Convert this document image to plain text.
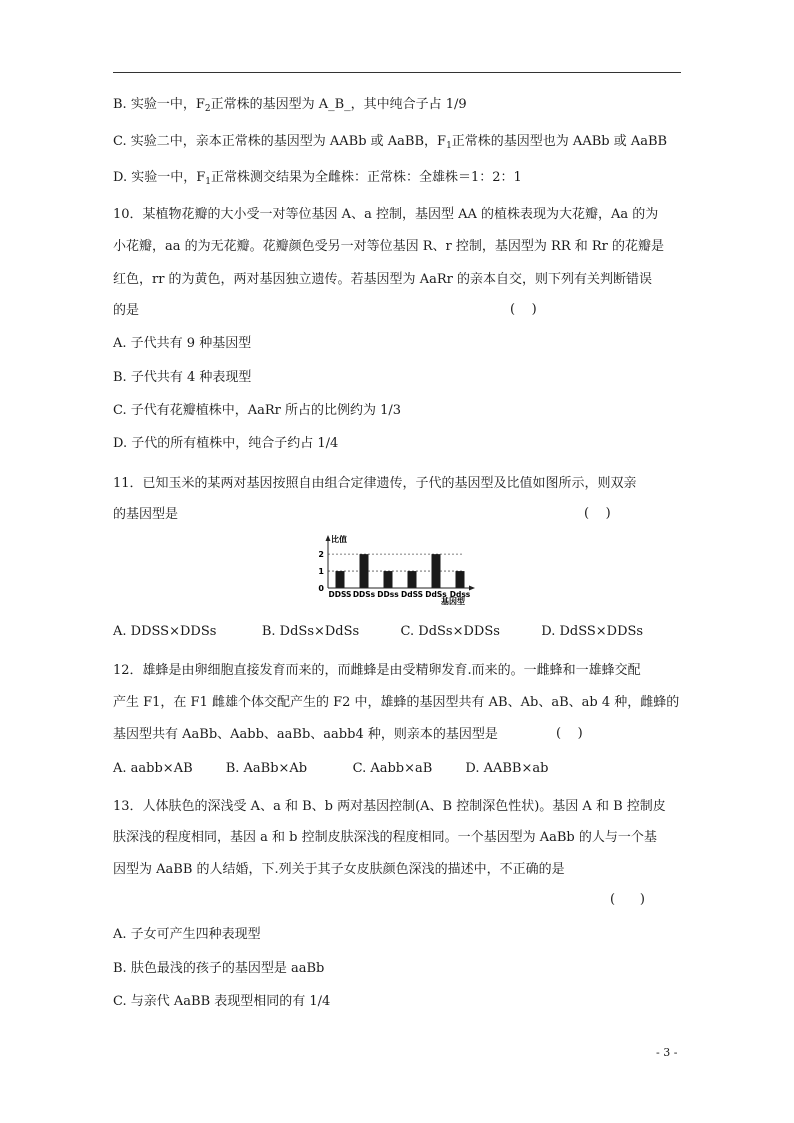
B. 实验一中，$F_2$正常株的基因型为 A_B_，其中纯合子占 1/9
C. 实验二中，亲本正常株的基因型为 AABb 或 AaBB，$F_1$正常株的基因型也为 AABb 或 AaBB
D. 实验一中，$F_1$正常株测交结果为全雌株：正常株：全雄株＝1：2：1
10．某植物花瓣的大小受一对等位基因 A、a 控制，基因型 AA 的植株表现为大花瓣，Aa 的为
小花瓣，aa 的为无花瓣。花瓣颜色受另一对等位基因 R、r 控制，基因型为 RR 和 Rr 的花瓣是
红色，rr 的为黄色，两对基因独立遗传。若基因型为 AaRr 的亲本自交，则下列有关判断错误
的是	(    )
A. 子代共有 9 种基因型
B. 子代共有 4 种表现型
C. 子代有花瓣植株中，AaRr 所占的比例约为 1/3
D. 子代的所有植株中，纯合子约占 1/4
11．已知玉米的某两对基因按照自由组合定律遗传，子代的基因型及比值如图所示，则双亲
的基因型是	(    )
比值
0
1
2
DDSS DDSs DDss DdSS DdSs Ddss
基因型
A. DDSS×DDSs           B. DdSs×DdSs          C. DdSs×DDSs          D. DdSS×DDSs
12．雄蜂是由卵细胞直接发育而来的，而雌蜂是由受精卵发育.而来的。一雌蜂和一雄蜂交配
产生 F1，在 F1 雌雄个体交配产生的 F2 中，雄蜂的基因型共有 AB、Ab、aB、ab 4 种，雌蜂的
基因型共有 AaBb、Aabb、aaBb、aabb4 种，则亲本的基因型是	(    )
A. aabb×AB        B. AaBb×Ab           C. Aabb×aB        D. AABB×ab
13．人体肤色的深浅受 A、a 和 B、b 两对基因控制(A、B 控制深色性状)。基因 A 和 B 控制皮
肤深浅的程度相同，基因 a 和 b 控制皮肤深浅的程度相同。一个基因型为 AaBb 的人与一个基
因型为 AaBB 的人结婚，下.列关于其子女皮肤颜色深浅的描述中，不正确的是
(      )
A. 子女可产生四种表现型
B. 肤色最浅的孩子的基因型是 aaBb
C. 与亲代 AaBB 表现型相同的有 1/4
- 3 -
